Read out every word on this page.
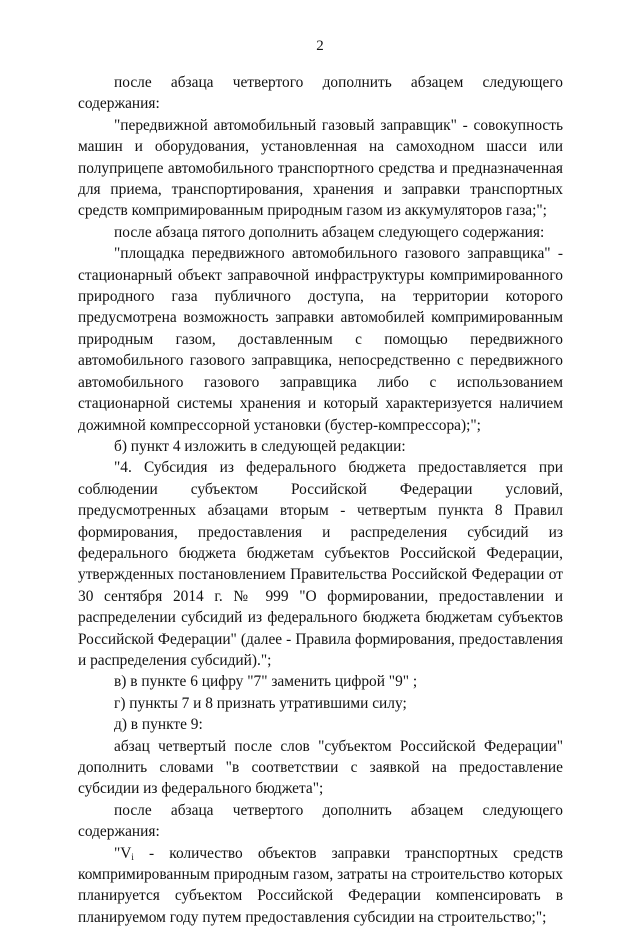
2

после абзаца четвертого дополнить абзацем следующего содержания:

"передвижной автомобильный газовый заправщик" - совокупность машин и оборудования, установленная на самоходном шасси или полуприцепе автомобильного транспортного средства и предназначенная для приема, транспортирования, хранения и заправки транспортных средств компримированным природным газом из аккумуляторов газа;";

после абзаца пятого дополнить абзацем следующего содержания:

"площадка передвижного автомобильного газового заправщика" - стационарный объект заправочной инфраструктуры компримированного природного газа публичного доступа, на территории которого предусмотрена возможность заправки автомобилей компримированным природным газом, доставленным с помощью передвижного автомобильного газового заправщика, непосредственно с передвижного автомобильного газового заправщика либо с использованием стационарной системы хранения и который характеризуется наличием дожимной компрессорной установки (бустер-компрессора);";

б) пункт 4 изложить в следующей редакции:

"4. Субсидия из федерального бюджета предоставляется при соблюдении субъектом Российской Федерации условий, предусмотренных абзацами вторым - четвертым пункта 8 Правил формирования, предоставления и распределения субсидий из федерального бюджета бюджетам субъектов Российской Федерации, утвержденных постановлением Правительства Российской Федерации от 30 сентября 2014 г. № 999 "О формировании, предоставлении и распределении субсидий из федерального бюджета бюджетам субъектов Российской Федерации" (далее - Правила формирования, предоставления и распределения субсидий).";

в) в пункте 6 цифру "7" заменить цифрой "9" ;

г) пункты 7 и 8 признать утратившими силу;

д) в пункте 9:

абзац четвертый после слов "субъектом Российской Федерации" дополнить словами "в соответствии с заявкой на предоставление субсидии из федерального бюджета";

после абзаца четвертого дополнить абзацем следующего содержания:

"$V_i$ - количество объектов заправки транспортных средств компримированным природным газом, затраты на строительство которых планируется субъектом Российской Федерации компенсировать в планируемом году путем предоставления субсидии на строительство;";
